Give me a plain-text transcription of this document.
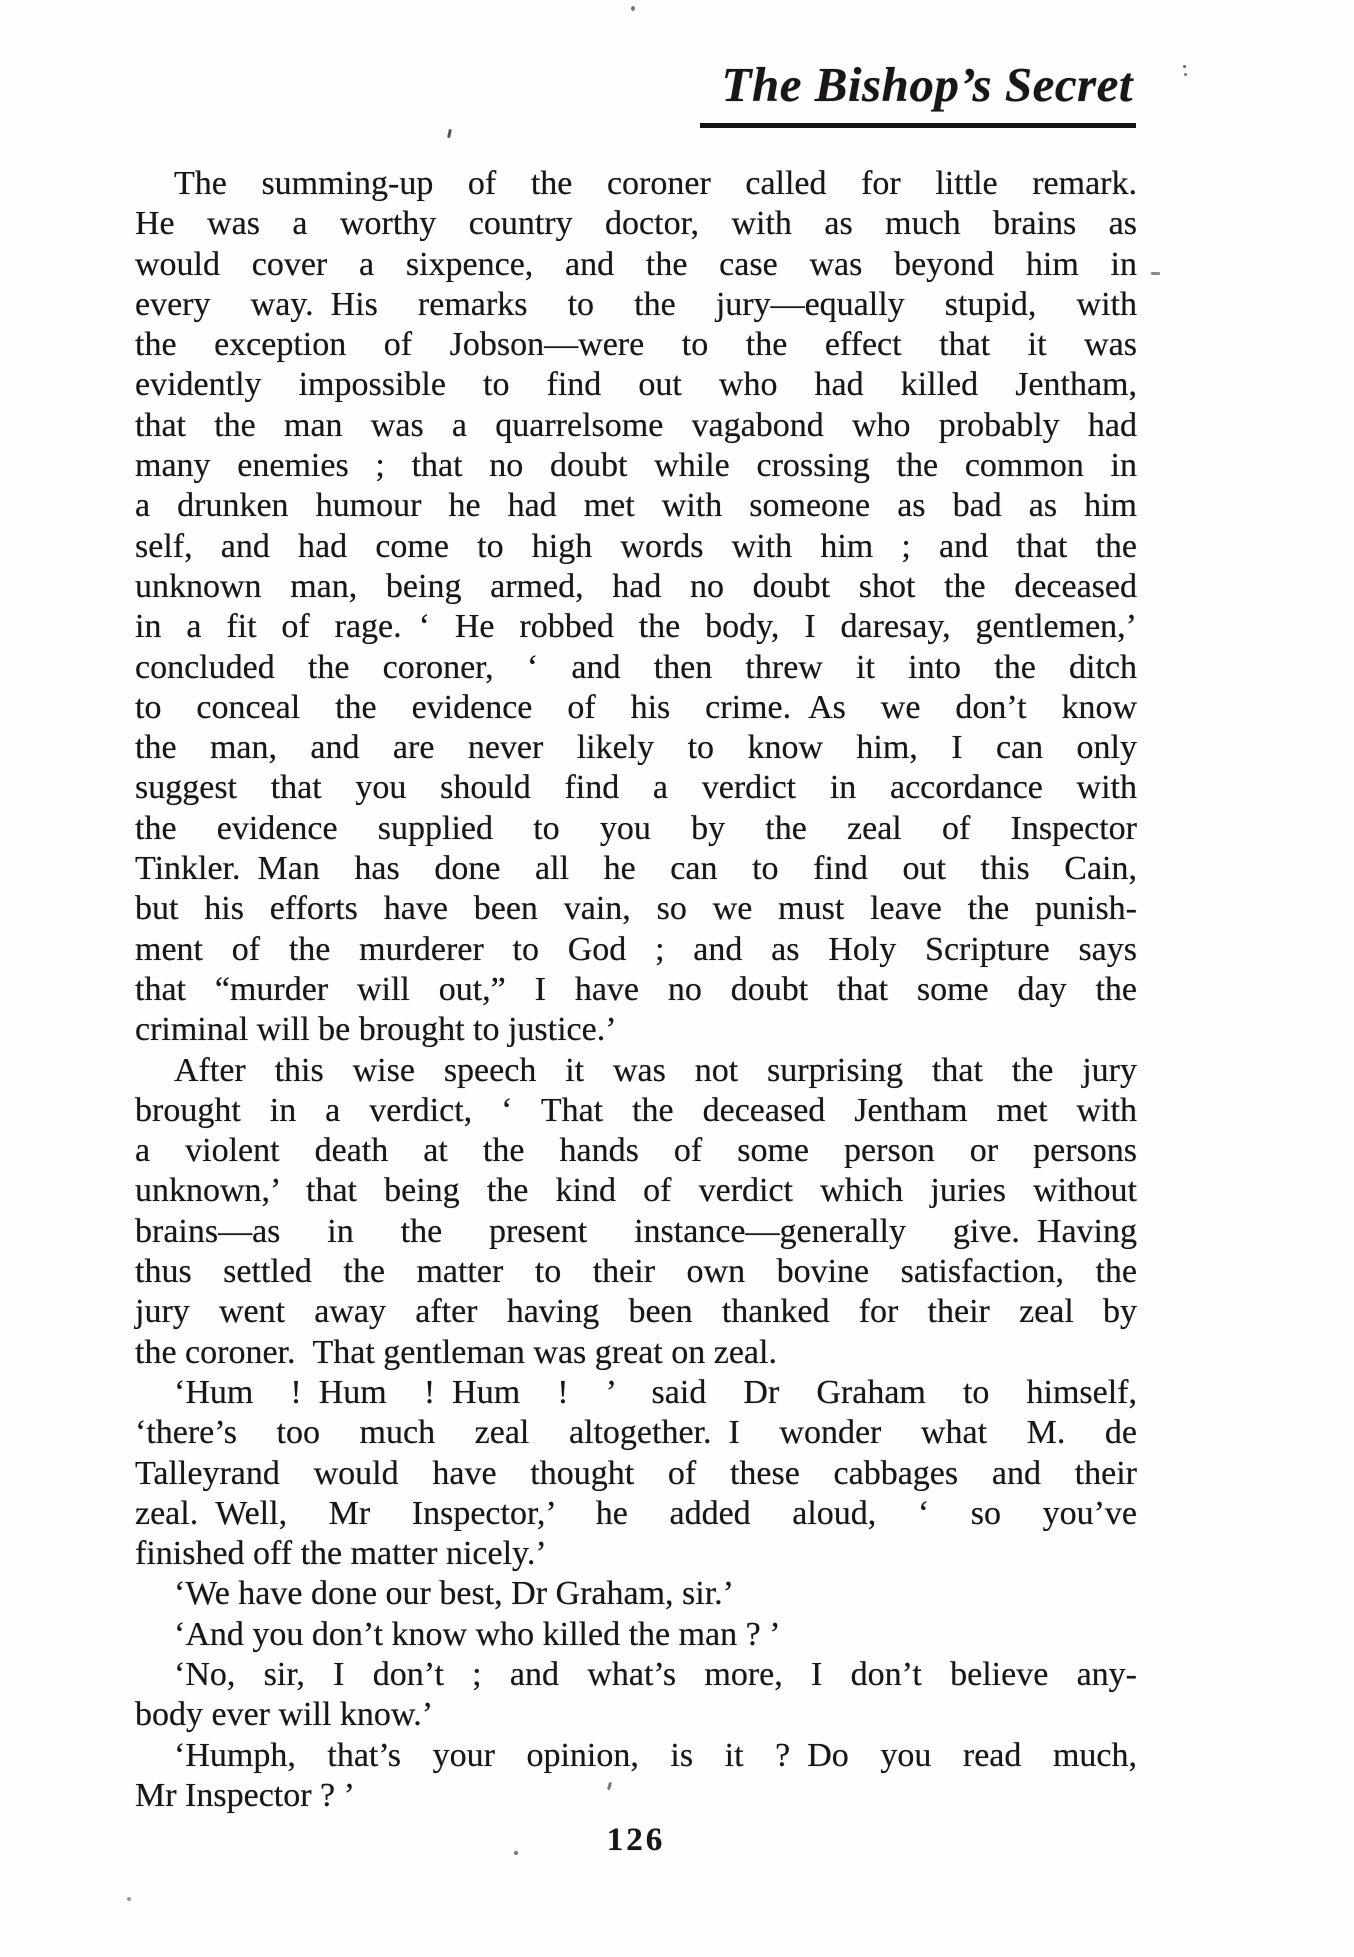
The Bishop’s Secret
The summing-up of the coroner called for little remark.
He was a worthy country doctor, with as much brains as
would cover a sixpence, and the case was beyond him in
every way. His remarks to the jury—equally stupid, with
the exception of Jobson—were to the effect that it was
evidently impossible to find out who had killed Jentham,
that the man was a quarrelsome vagabond who probably had
many enemies ; that no doubt while crossing the common in
a drunken humour he had met with someone as bad as him
self, and had come to high words with him ; and that the
unknown man, being armed, had no doubt shot the deceased
in a fit of rage. ‘ He robbed the body, I daresay, gentlemen,’
concluded the coroner, ‘ and then threw it into the ditch
to conceal the evidence of his crime. As we don’t know
the man, and are never likely to know him, I can only
suggest that you should find a verdict in accordance with
the evidence supplied to you by the zeal of Inspector
Tinkler. Man has done all he can to find out this Cain,
but his efforts have been vain, so we must leave the punish-
ment of the murderer to God ; and as Holy Scripture says
that “murder will out,” I have no doubt that some day the
criminal will be brought to justice.’
After this wise speech it was not surprising that the jury
brought in a verdict, ‘ That the deceased Jentham met with
a violent death at the hands of some person or persons
unknown,’ that being the kind of verdict which juries without
brains—as in the present instance—generally give. Having
thus settled the matter to their own bovine satisfaction, the
jury went away after having been thanked for their zeal by
the coroner. That gentleman was great on zeal.
‘Hum ! Hum ! Hum ! ’ said Dr Graham to himself,
‘there’s too much zeal altogether. I wonder what M. de
Talleyrand would have thought of these cabbages and their
zeal. Well, Mr Inspector,’ he added aloud, ‘ so you’ve
finished off the matter nicely.’
‘We have done our best, Dr Graham, sir.’
‘And you don’t know who killed the man ? ’
‘No, sir, I don’t ; and what’s more, I don’t believe any-
body ever will know.’
‘Humph, that’s your opinion, is it ? Do you read much,
Mr Inspector ? ’
126
